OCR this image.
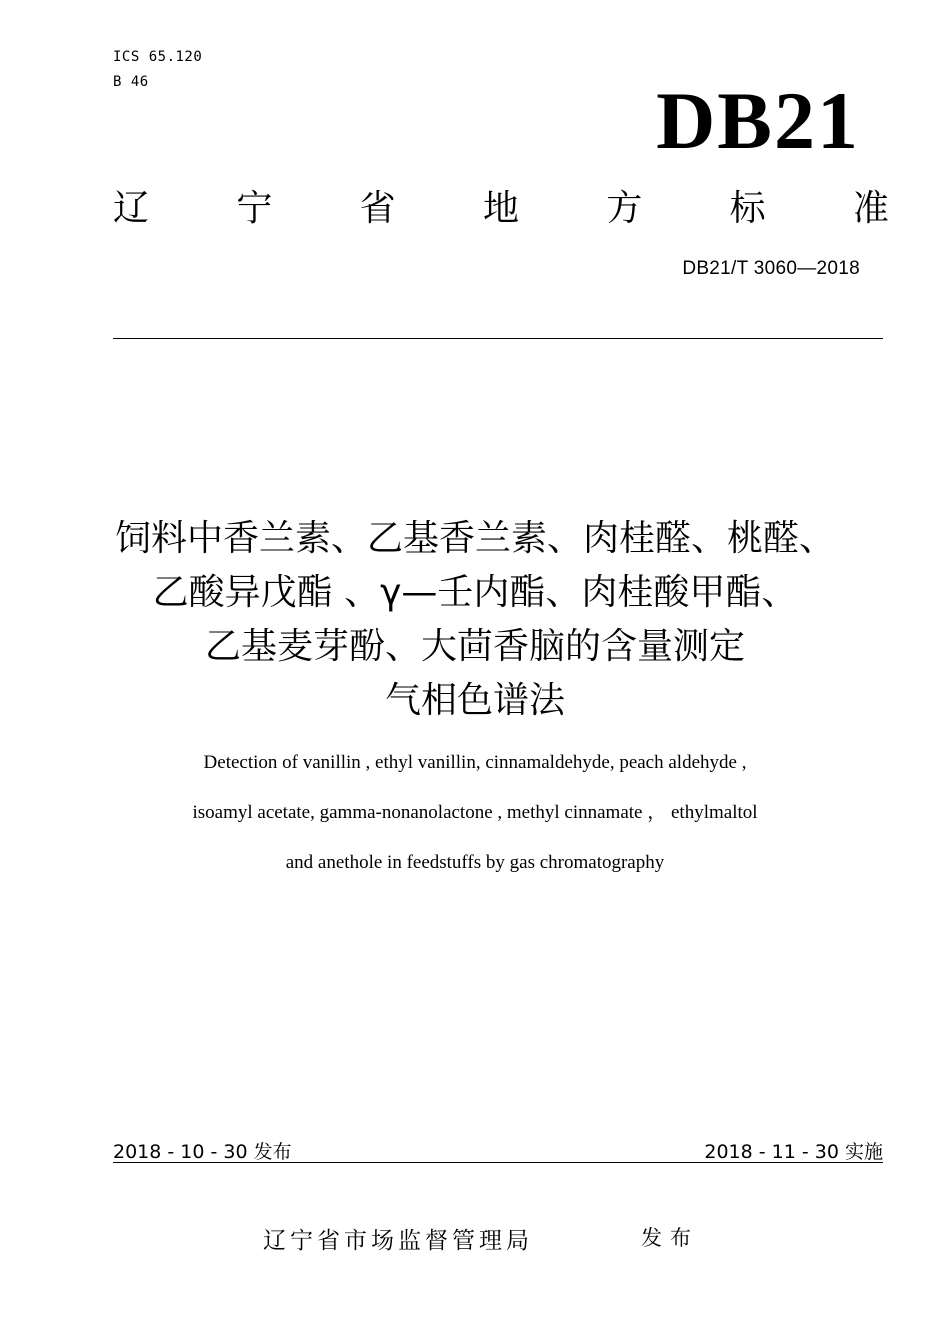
ICS 65.120
B 46	DB21
辽 宁 省 地 方 标 准
DB21/T 3060—2018
饲料中香兰素、乙基香兰素、肉桂醛、桃醛、
乙酸异戊酯 、γ—壬内酯、肉桂酸甲酯、
乙基麦芽酚、大茴香脑的含量测定
气相色谱法
Detection of vanillin , ethyl vanillin, cinnamaldehyde, peach aldehyde ,
isoamyl acetate, gamma-nonanolactone , methyl cinnamate ， ethylmaltol
and anethole in feedstuffs by gas chromatography
2018 - 10 - 30 发布	2018 - 11 - 30 实施
辽宁省市场监督管理局	发布
